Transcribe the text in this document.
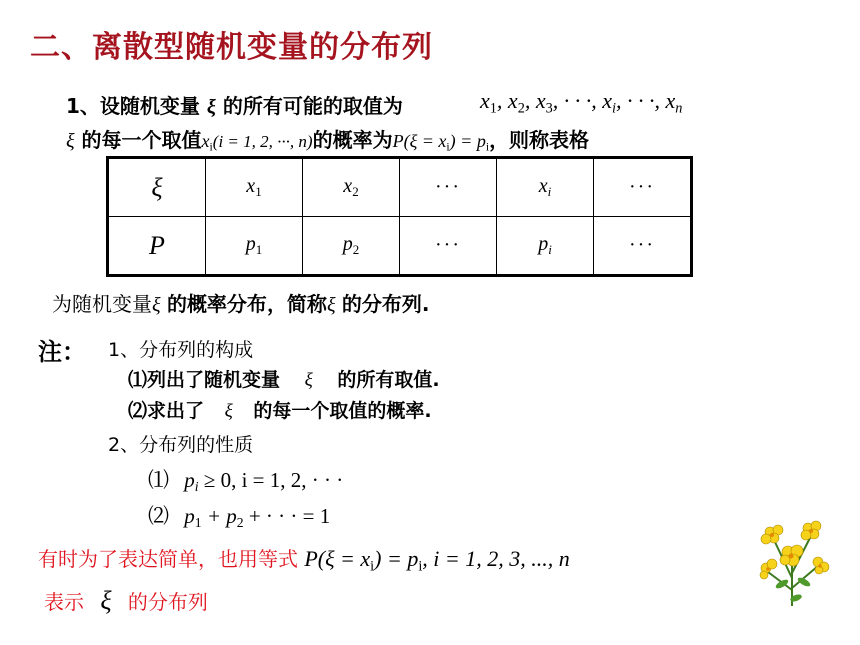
二、离散型随机变量的分布列
1、设随机变量 ξ 的所有可能的取值为	$x_1$, $x_2$, $x_3$, · · ·, $x_i$, · · ·, $x_n$
ξ 的每一个取值$x_i(i = 1$, 2, ···, n)的概率为$P(\xi = x_i) = p_i$，则称表格
ξ	$x_1$	$x_2$	···	$x_i$	···
P	$p_1$	$p_2$	···	$p_i$	···
为随机变量ξ 的概率分布，简称ξ 的分布列.
注： 1、分布列的构成
⑴列出了随机变量 ξ 的所有取值.
⑵求出了 ξ 的每一个取值的概率.
2、分布列的性质
⑴ $p_i \ge 0$, i = 1, 2, · · ·
⑵ $p_1 + p_2$ + · · · = 1
有时为了表达简单，也用等式 $P(\xi = x_i) = p_i$, i = 1, 2, 3, ..., n
表示 ξ 的分布列
